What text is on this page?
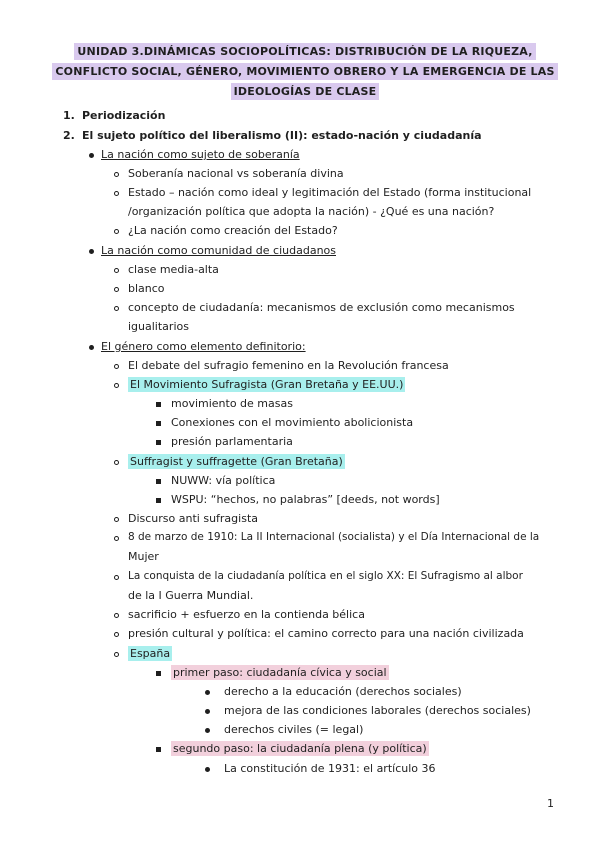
UNIDAD 3.DINÁMICAS SOCIOPOLÍTICAS: DISTRIBUCIÓN DE LA RIQUEZA, CONFLICTO SOCIAL, GÉNERO, MOVIMIENTO OBRERO Y LA EMERGENCIA DE LAS IDEOLOGÍAS DE CLASE

1. Periodización
2. El sujeto político del liberalismo (II): estado-nación y ciudadanía
La nación como sujeto de soberanía
Soberanía nacional vs soberanía divina
Estado – nación como ideal y legitimación del Estado (forma institucional
/organización política que adopta la nación) - ¿Qué es una nación?
¿La nación como creación del Estado?
La nación como comunidad de ciudadanos
clase media-alta
blanco
concepto de ciudadanía: mecanismos de exclusión como mecanismos
igualitarios
El género como elemento definitorio:
El debate del sufragio femenino en la Revolución francesa
El Movimiento Sufragista (Gran Bretaña y EE.UU.)
movimiento de masas
Conexiones con el movimiento abolicionista
presión parlamentaria
Suffragist y suffragette (Gran Bretaña)
NUWW: vía política
WSPU: “hechos, no palabras” [deeds, not words]
Discurso anti sufragista
8 de marzo de 1910: La II Internacional (socialista) y el Día Internacional de la
Mujer
La conquista de la ciudadanía política en el siglo XX: El Sufragismo al albor
de la I Guerra Mundial.
sacrificio + esfuerzo en la contienda bélica
presión cultural y política: el camino correcto para una nación civilizada
España
primer paso: ciudadanía cívica y social
derecho a la educación (derechos sociales)
mejora de las condiciones laborales (derechos sociales)
derechos civiles (= legal)
segundo paso: la ciudadanía plena (y política)
La constitución de 1931: el artículo 36
1
